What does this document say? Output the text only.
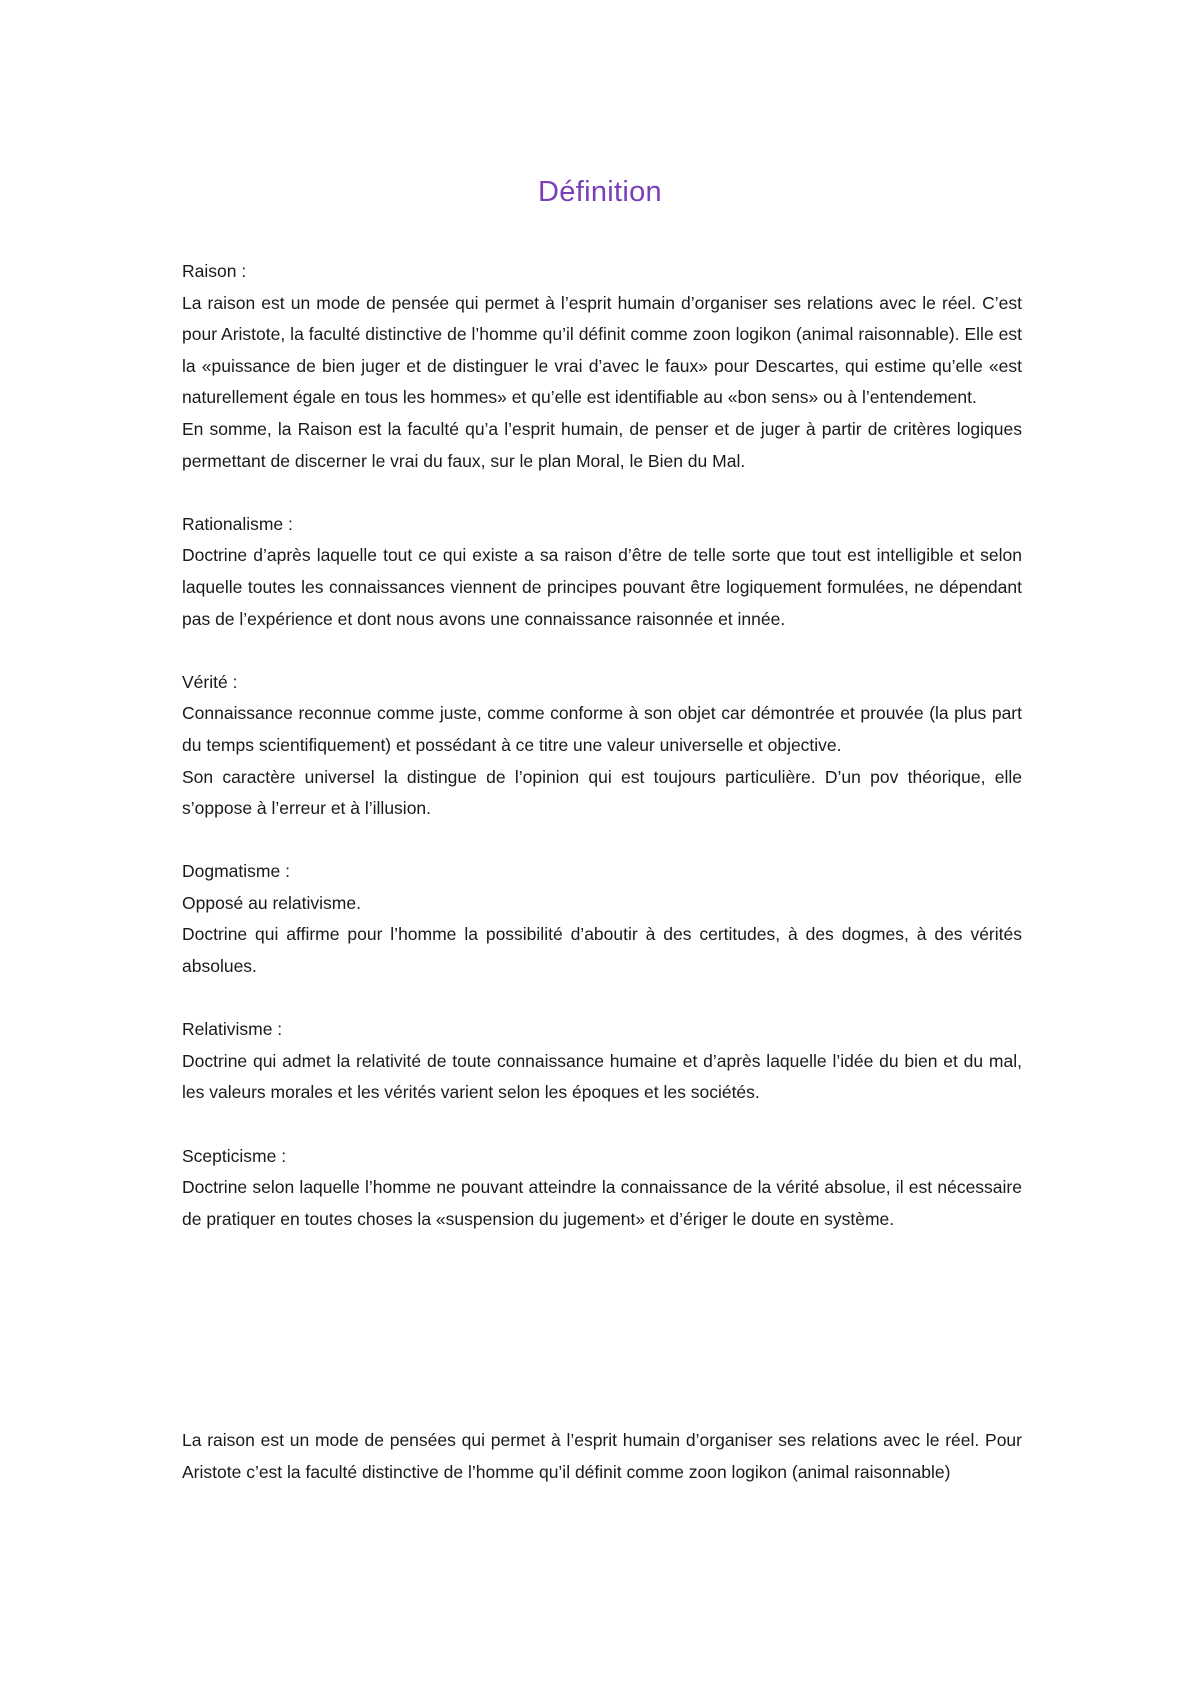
Définition

Raison :

La raison est un mode de pensée qui permet à l’esprit humain d’organiser ses relations avec le réel. C’est pour Aristote, la faculté distinctive de l’homme qu’il définit comme zoon logikon (animal raisonnable). Elle est la «puissance de bien juger et de distinguer le vrai d’avec le faux» pour Descartes, qui estime qu’elle «est naturellement égale en tous les hommes» et qu’elle est identifiable au «bon sens» ou à l’entendement.

En somme, la Raison est la faculté qu’a l’esprit humain, de penser et de juger à partir de critères logiques permettant de discerner le vrai du faux, sur le plan Moral, le Bien du Mal.

Rationalisme :

Doctrine d’après laquelle tout ce qui existe a sa raison d’être de telle sorte que tout est intelligible et selon laquelle toutes les connaissances viennent de principes pouvant être logiquement formulées, ne dépendant pas de l’expérience et dont nous avons une connaissance raisonnée et innée.

Vérité :

Connaissance reconnue comme juste, comme conforme à son objet car démontrée et prouvée (la plus part du temps scientifiquement) et possédant à ce titre une valeur universelle et objective.

Son caractère universel la distingue de l’opinion qui est toujours particulière. D’un pov théorique, elle s’oppose à l’erreur et à l’illusion.

Dogmatisme :

Opposé au relativisme.

Doctrine qui affirme pour l’homme la possibilité d’aboutir à des certitudes, à des dogmes, à des vérités absolues.

Relativisme :

Doctrine qui admet la relativité de toute connaissance humaine et d’après laquelle l’idée du bien et du mal, les valeurs morales et les vérités varient selon les époques et les sociétés.

Scepticisme :

Doctrine selon laquelle l’homme ne pouvant atteindre la connaissance de la vérité absolue, il est nécessaire de pratiquer en toutes choses la «suspension du jugement» et d’ériger le doute en système.

La raison est un mode de pensées qui permet à l’esprit humain d’organiser ses relations avec le réel. Pour Aristote c’est la faculté distinctive de l’homme qu’il définit comme zoon logikon (animal raisonnable)
